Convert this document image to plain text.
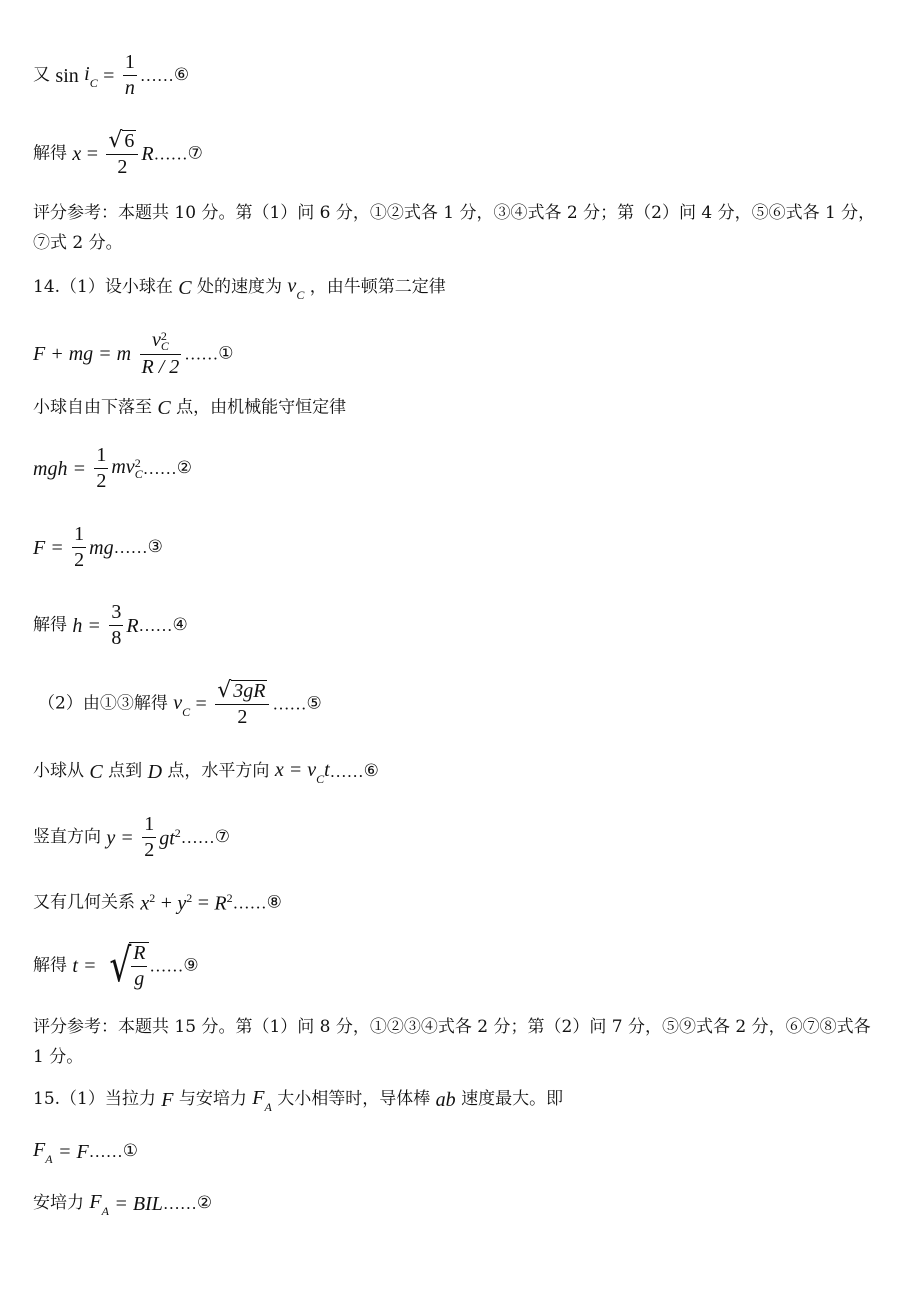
又 $\sin i_C = \frac{1}{n}$ ……⑥
解得 $x = \frac{√ 6}{2}$ R……⑦
评分参考：本题共 10 分。第（1）问 6 分，①②式各 1 分，③④式各 2 分；第（2）问 4 分，⑤⑥式各 1 分，⑦式 2 分。
14.（1）设小球在 C 处的速度为 $v_C$ ，由牛顿第二定律
F + mg = m v 2
C
R / 2 ……①
小球自由下落至 C 点，由机械能守恒定律
mgh = $\frac{1}{2}$ mv 2
C ……②
$F = \frac{1}{2}$ mg……③
解得 $h = \frac{3}{8}$ R……④
（2）由①③解得 $v_C = \frac{√ 3gR}{2}$ ……⑤
小球从 C 点到 D 点，水平方向 $x = v_Ct\dots\dots ⑥$
竖直方向 $y = \frac{1}{2}$ $gt^2\dots\dots ⑦$
又有几何关系 $x^2 + y^2$ = $R^2\dots\dots ⑧$
解得 t = √ $\frac{R}{g}$ ……⑨
评分参考：本题共 15 分。第（1）问 8 分，①②③④式各 2 分；第（2）问 7 分，⑤⑨式各 2 分，⑥⑦⑧式各 1 分。
15.（1）当拉力 F 与安培力 $F_A$ 大小相等时，导体棒 ab 速度最大。即
$F_A$ = F……①
安培力 $F_A$ = BIL……②
